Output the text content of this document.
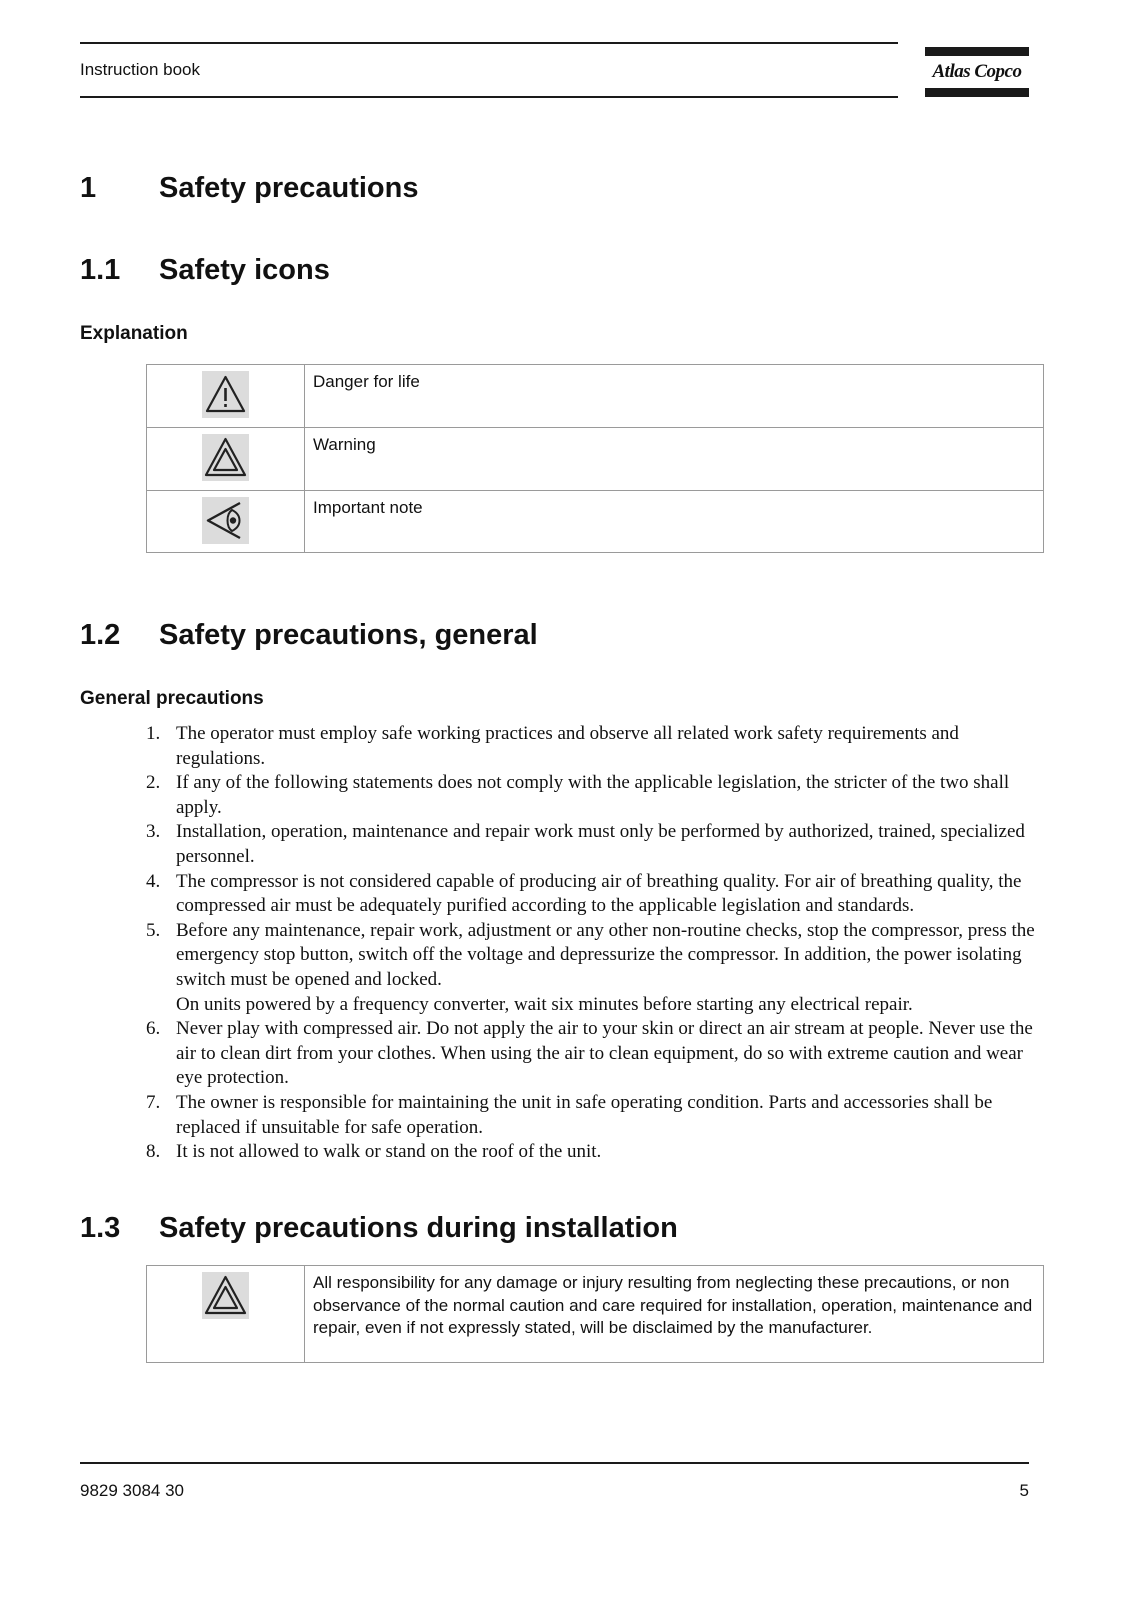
Instruction book	Atlas Copco
1 Safety precautions
1.1 Safety icons
Explanation
	Danger for life

	Warning

	Important note
1.2 Safety precautions, general
General precautions
1. The operator must employ safe working practices and observe all related work safety requirements and regulations.
2. If any of the following statements does not comply with the applicable legislation, the stricter of the two shall apply.
3. Installation, operation, maintenance and repair work must only be performed by authorized, trained, specialized personnel.
4. The compressor is not considered capable of producing air of breathing quality. For air of breathing quality, the compressed air must be adequately purified according to the applicable legislation and standards.
5. Before any maintenance, repair work, adjustment or any other non-routine checks, stop the compressor, press the emergency stop button, switch off the voltage and depressurize the compressor. In addition, the power isolating switch must be opened and locked.
On units powered by a frequency converter, wait six minutes before starting any electrical repair.
6. Never play with compressed air. Do not apply the air to your skin or direct an air stream at people. Never use the air to clean dirt from your clothes. When using the air to clean equipment, do so with extreme caution and wear eye protection.
7. The owner is responsible for maintaining the unit in safe operating condition. Parts and accessories shall be replaced if unsuitable for safe operation.
8. It is not allowed to walk or stand on the roof of the unit.
1.3 Safety precautions during installation
	All responsibility for any damage or injury resulting from neglecting these precautions, or non observance of the normal caution and care required for installation, operation, maintenance and repair, even if not expressly stated, will be disclaimed by the manufacturer.
9829 3084 30	5
